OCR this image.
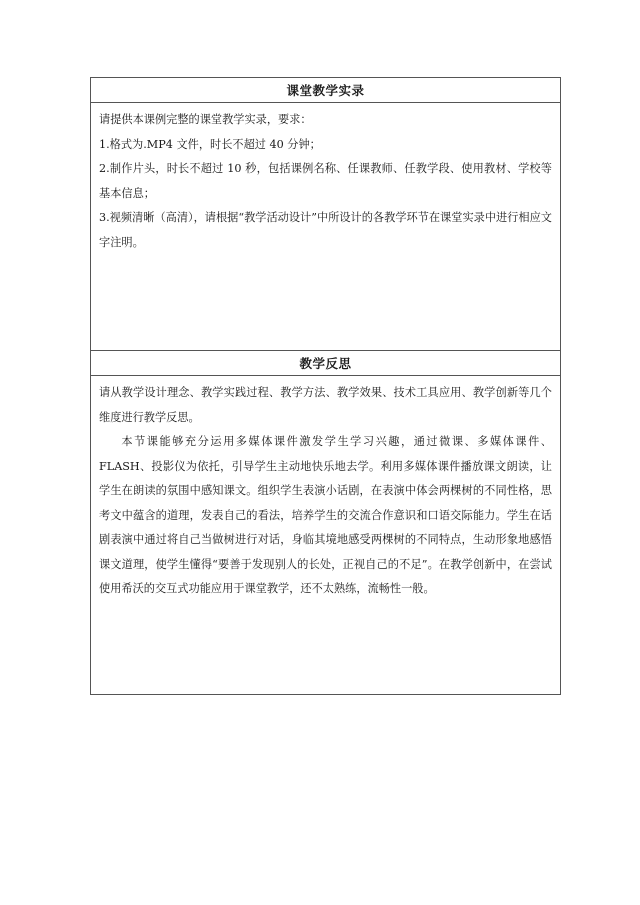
课堂教学实录

请提供本课例完整的课堂教学实录，要求：

1.格式为.MP4 文件，时长不超过 40 分钟；

2.制作片头，时长不超过 10 秒，包括课例名称、任课教师、任教学段、使用教材、学校等基本信息；

3.视频清晰（高清），请根据“教学活动设计”中所设计的各教学环节在课堂实录中进行相应文字注明。

教学反思

请从教学设计理念、教学实践过程、教学方法、教学效果、技术工具应用、教学创新等几个维度进行教学反思。

本节课能够充分运用多媒体课件激发学生学习兴趣，通过微课、多媒体课件、FLASH、投影仪为依托，引导学生主动地快乐地去学。利用多媒体课件播放课文朗读，让学生在朗读的氛围中感知课文。组织学生表演小话剧，在表演中体会两棵树的不同性格，思考文中蕴含的道理，发表自己的看法，培养学生的交流合作意识和口语交际能力。学生在话剧表演中通过将自己当做树进行对话，身临其境地感受两棵树的不同特点，生动形象地感悟课文道理，使学生懂得“要善于发现别人的长处，正视自己的不足”。在教学创新中，在尝试使用希沃的交互式功能应用于课堂教学，还不太熟练，流畅性一般。
